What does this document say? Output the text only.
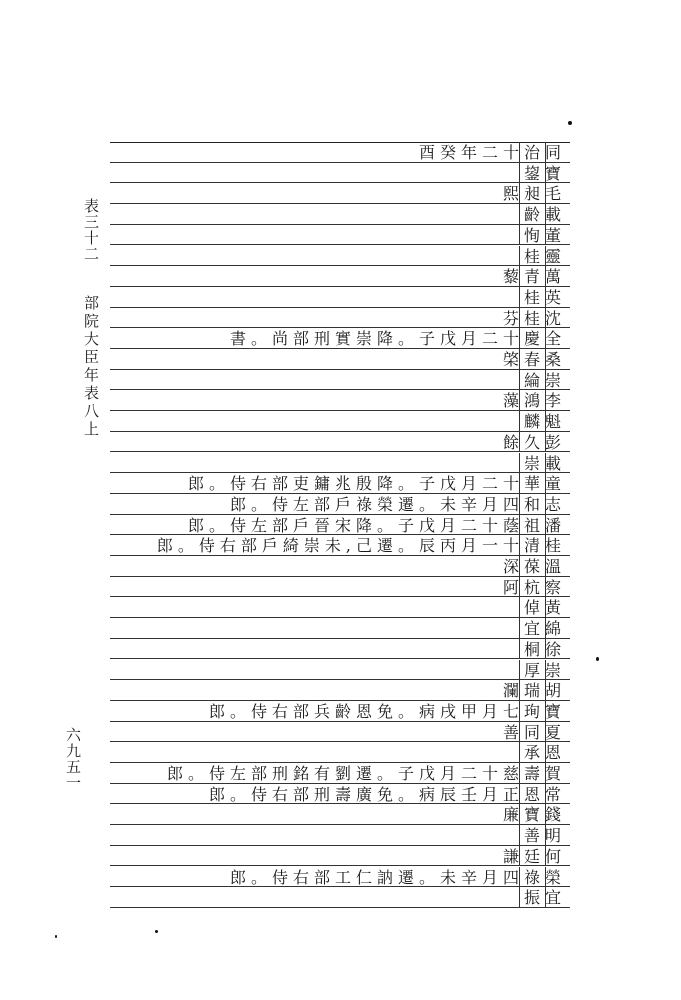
表三十二
部院大臣年表八上
六九五一
酉癸年二十治同
鋆寶
熙昶毛
齡載
恂董
桂靈
藜青萬
桂英
芬桂沈
書。尚部刑實崇降。子戊月二十慶全
棨春桑
綸崇
藻鴻李
麟魁
餘久彭
崇載
郎。侍右部吏鏞兆殷降。子戊月二十華童
郎。侍左部戶祿榮遷。未辛月四和志
郎。侍左部戶晉宋降。子戊月二十蔭祖潘
郎。侍右部戶綺崇未,己遷。辰丙月一十清桂
深葆溫
阿杭察
倬黃
宜綿
桐徐
厚崇
瀾瑞胡
郎。侍右部兵齡恩免。病戌甲月七珣寶
善同夏
承恩
郎。侍左部刑銘有劉遷。子戊月二十慈壽賀
郎。侍右部刑壽廣免。病辰壬月正恩常
廉寶錢
善明
謙廷何
郎。侍右部工仁訥遷。未辛月四祿榮
振宜
